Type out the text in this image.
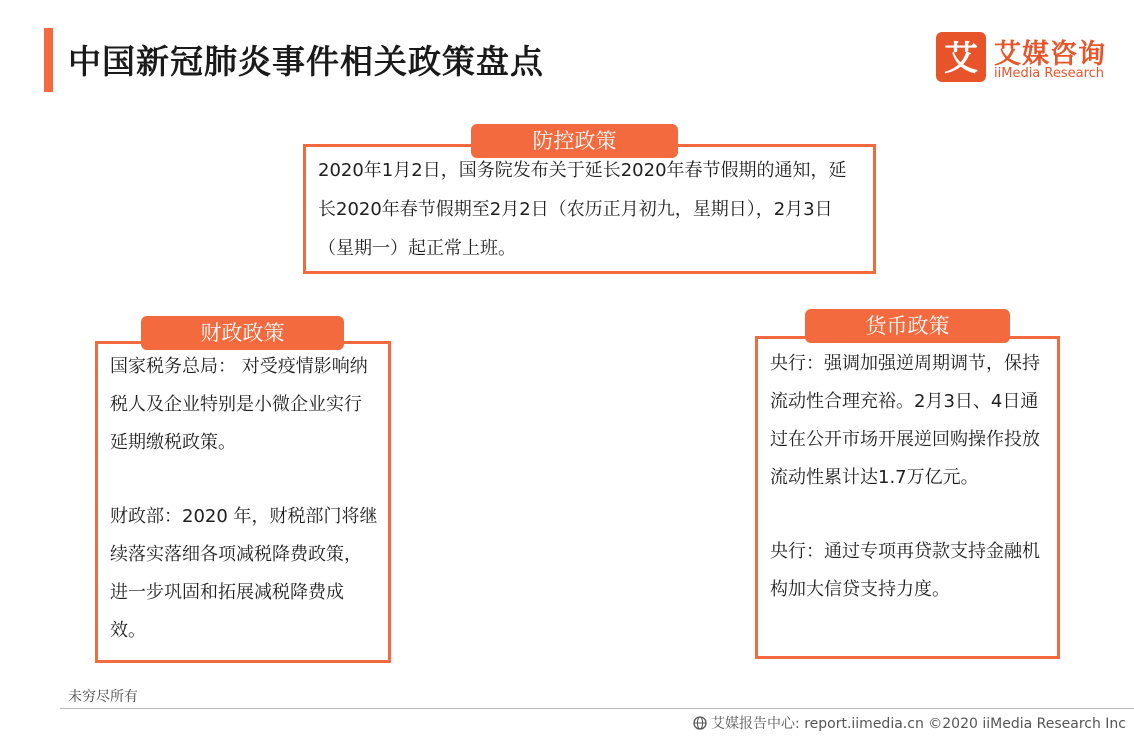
中国新冠肺炎事件相关政策盘点	艾 艾媒咨询
iiMedia Research
2020年1月2日，国务院发布关于延长2020年春节假期的通知，延长2020年春节假期至2月2日（农历正月初九，星期日），2月3日（星期一）起正常上班。
防控政策

国家税务总局： 对受疫情影响纳税人及企业特别是小微企业实行延期缴税政策。

财政部：2020 年，财税部门将继续落实落细各项减税降费政策， 进一步巩固和拓展减税降费成效。

财政政策

央行：强调加强逆周期调节，保持流动性合理充裕。2月3日、4日通过在公开市场开展逆回购操作投放流动性累计达1.7万亿元。

央行：通过专项再贷款支持金融机构加大信贷支持力度。

货币政策
未穷尽所有
艾媒报告中心: report.iimedia.cn ©2020 iiMedia Research Inc
